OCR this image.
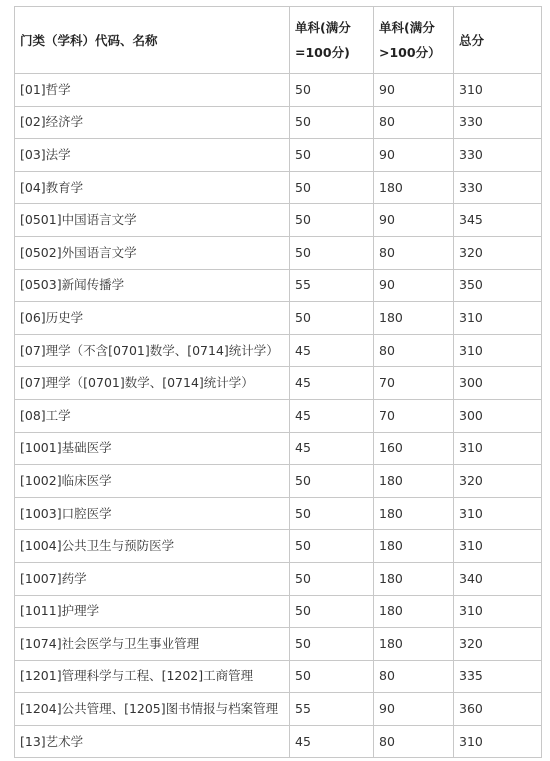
门类（学科）代码、名称	单科(满分=100分)	单科(满分>100分）	总分
[01]哲学	50	90	310
[02]经济学	50	80	330
[03]法学	50	90	330
[04]教育学	50	180	330
[0501]中国语言文学	50	90	345
[0502]外国语言文学	50	80	320
[0503]新闻传播学	55	90	350
[06]历史学	50	180	310
[07]理学（不含[0701]数学、[0714]统计学）	45	80	310
[07]理学（[0701]数学、[0714]统计学）	45	70	300
[08]工学	45	70	300
[1001]基础医学	45	160	310
[1002]临床医学	50	180	320
[1003]口腔医学	50	180	310
[1004]公共卫生与预防医学	50	180	310
[1007]药学	50	180	340
[1011]护理学	50	180	310
[1074]社会医学与卫生事业管理	50	180	320
[1201]管理科学与工程、[1202]工商管理	50	80	335
[1204]公共管理、[1205]图书情报与档案管理	55	90	360
[13]艺术学	45	80	310
